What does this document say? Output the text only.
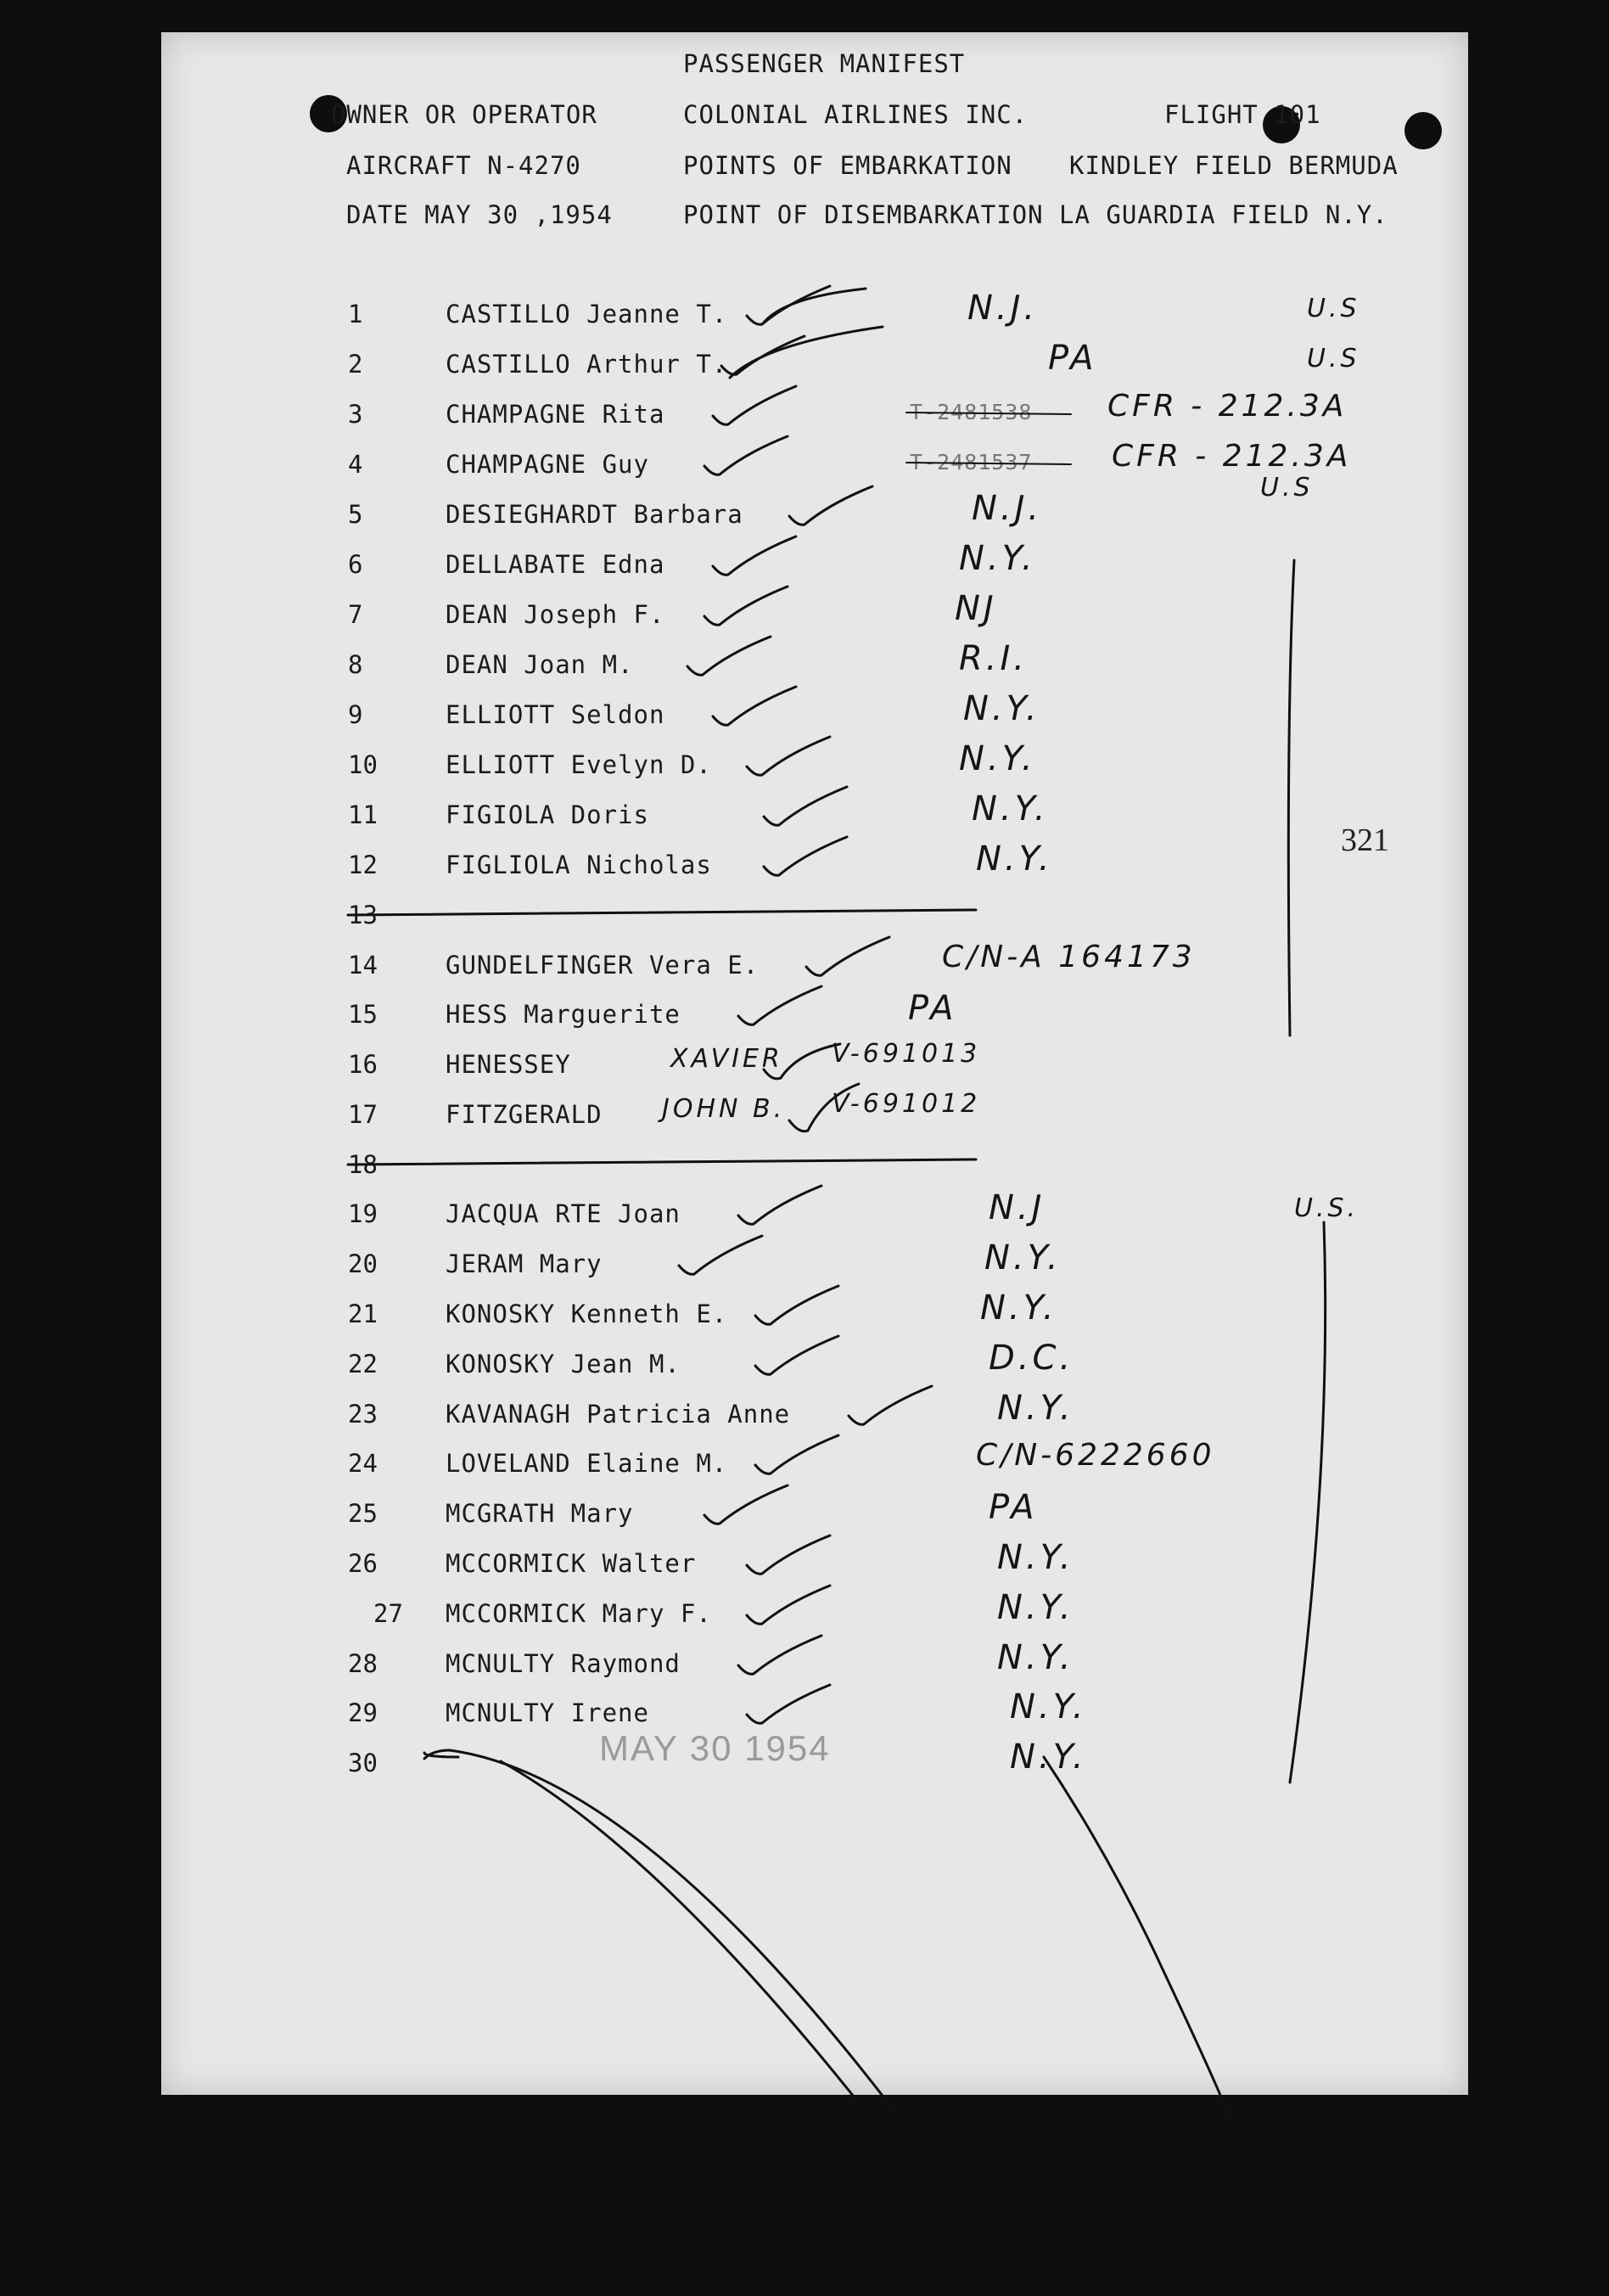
PASSENGER MANIFEST
OWNER OR OPERATOR	COLONIAL AIRLINES INC.	FLIGHT 101
AIRCRAFT N-4270	POINTS OF EMBARKATION KINDLEY FIELD BERMUDA
DATE MAY 30 ,1954	POINT OF DISEMBARKATION LA GUARDIA FIELD N.Y.
1	CASTILLO Jeanne T.	N.J.	U.S
2	CASTILLO Arthur T.	PA	U.S
3	CHAMPAGNE Rita	T-2481538 CFR - 212.3A
4	CHAMPAGNE Guy	T-2481537	CFR - 212.3A
U.S
5	DESIEGHARDT Barbara	N.J.
6	DELLABATE Edna	N.Y.
7	DEAN Joseph F.	NJ
8	DEAN Joan M.	R.I.
9	ELLIOTT Seldon	N.Y.
10	ELLIOTT Evelyn D.	N.Y.
11	FIGIOLA Doris	N.Y.
12	FIGLIOLA Nicholas	N.Y.
13
14	GUNDELFINGER Vera E.	C/N-A 164173
15	HESS Marguerite	PA
16	HENESSEY	XAVIER V-691013
17	FITZGERALD JOHN B. V-691012
18
19	JACQUA RTE Joan	N.J	U.S.
20	JERAM Mary	N.Y.
21	KONOSKY Kenneth E.	N.Y.
22	KONOSKY Jean M.	D.C.
23	KAVANAGH Patricia Anne	N.Y.
24	LOVELAND Elaine M.	C/N-6222660
25	MCGRATH Mary	PA
26	MCCORMICK Walter	N.Y.
27 MCCORMICK Mary F.	N.Y.
28	MCNULTY Raymond	N.Y.
29	MCNULTY Irene	N.Y.
30	N.Y.
MAY 30 1954
321
